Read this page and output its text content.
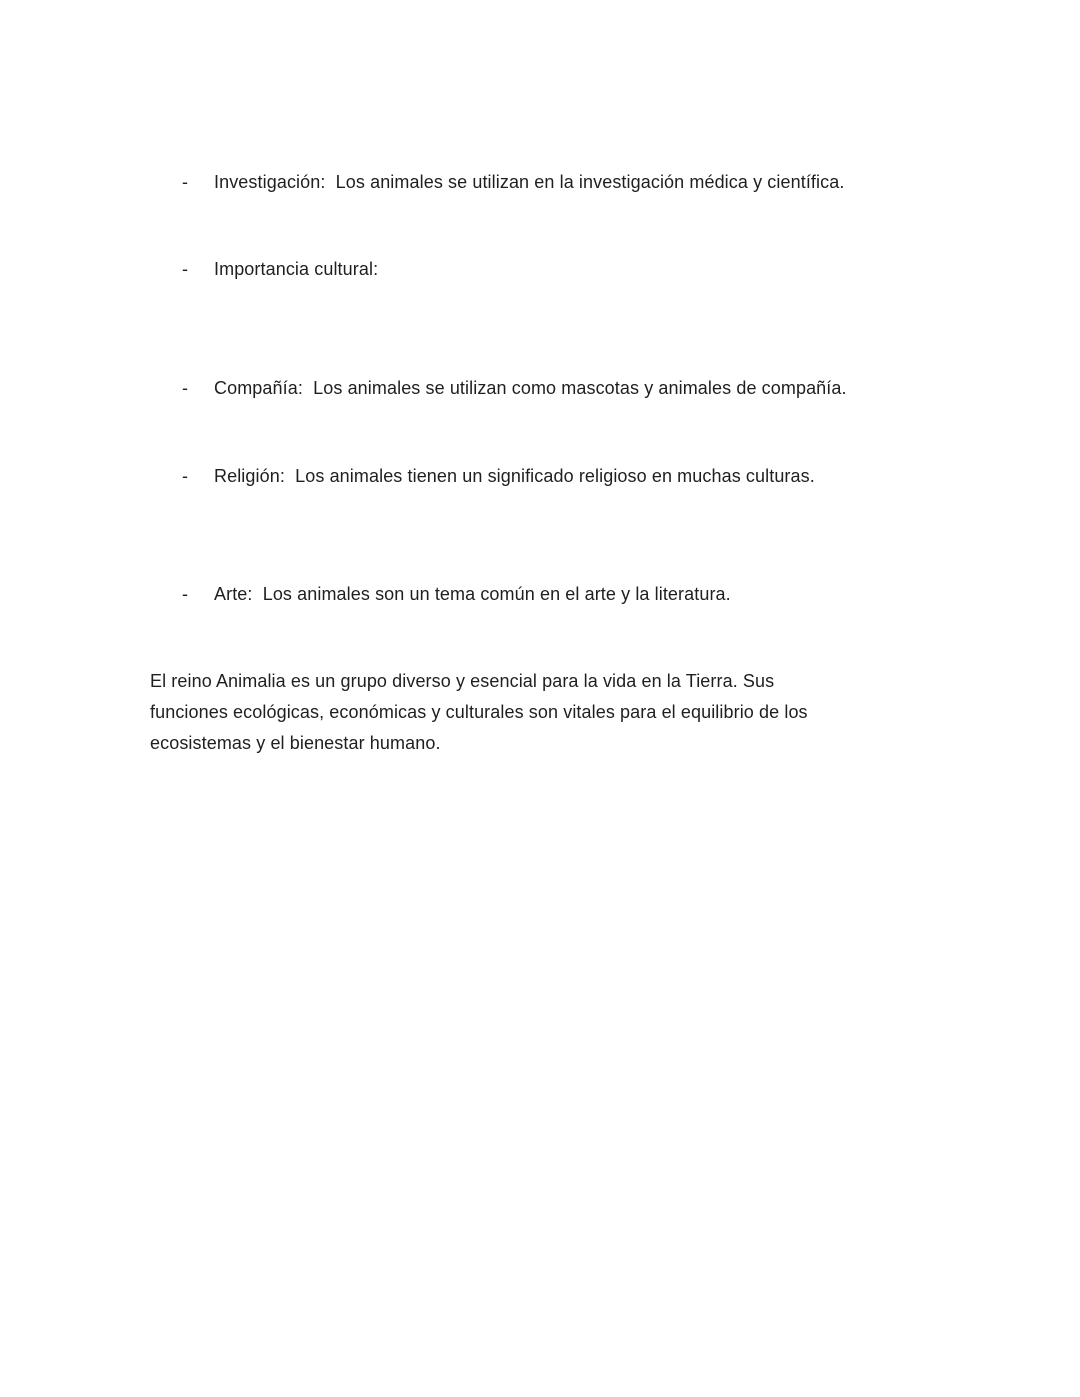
-	Investigación:  Los animales se utilizan en la investigación médica y científica.
-	Importancia cultural:
-	Compañía:  Los animales se utilizan como mascotas y animales de compañía.
-	Religión:  Los animales tienen un significado religioso en muchas culturas.
-	Arte:  Los animales son un tema común en el arte y la literatura.
El reino Animalia es un grupo diverso y esencial para la vida en la Tierra. Sus
funciones ecológicas, económicas y culturales son vitales para el equilibrio de los
ecosistemas y el bienestar humano.
